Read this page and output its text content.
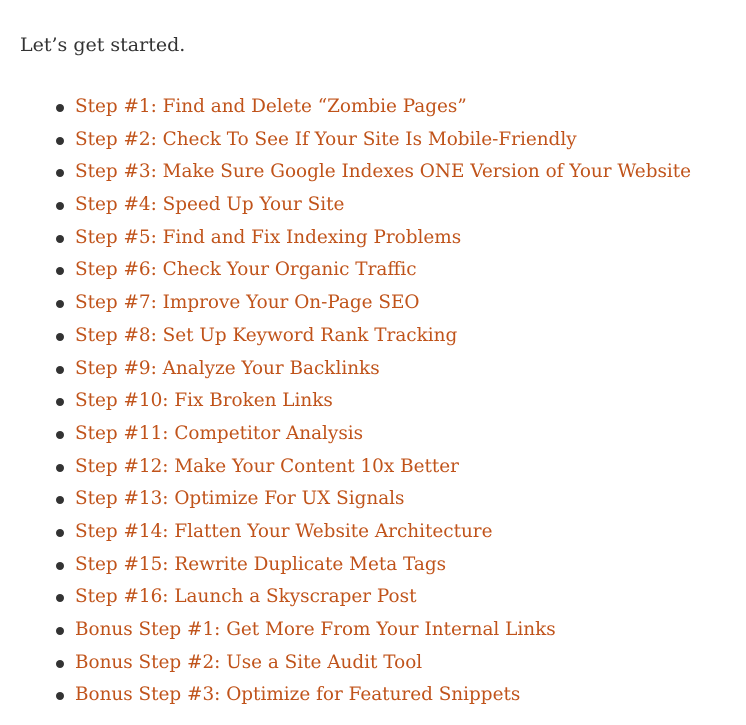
Let’s get started.

Step #1: Find and Delete “Zombie Pages”
Step #2: Check To See If Your Site Is Mobile-Friendly
Step #3: Make Sure Google Indexes ONE Version of Your Website
Step #4: Speed Up Your Site
Step #5: Find and Fix Indexing Problems
Step #6: Check Your Organic Traffic
Step #7: Improve Your On-Page SEO
Step #8: Set Up Keyword Rank Tracking
Step #9: Analyze Your Backlinks
Step #10: Fix Broken Links
Step #11: Competitor Analysis
Step #12: Make Your Content 10x Better
Step #13: Optimize For UX Signals
Step #14: Flatten Your Website Architecture
Step #15: Rewrite Duplicate Meta Tags
Step #16: Launch a Skyscraper Post
Bonus Step #1: Get More From Your Internal Links
Bonus Step #2: Use a Site Audit Tool
Bonus Step #3: Optimize for Featured Snippets
